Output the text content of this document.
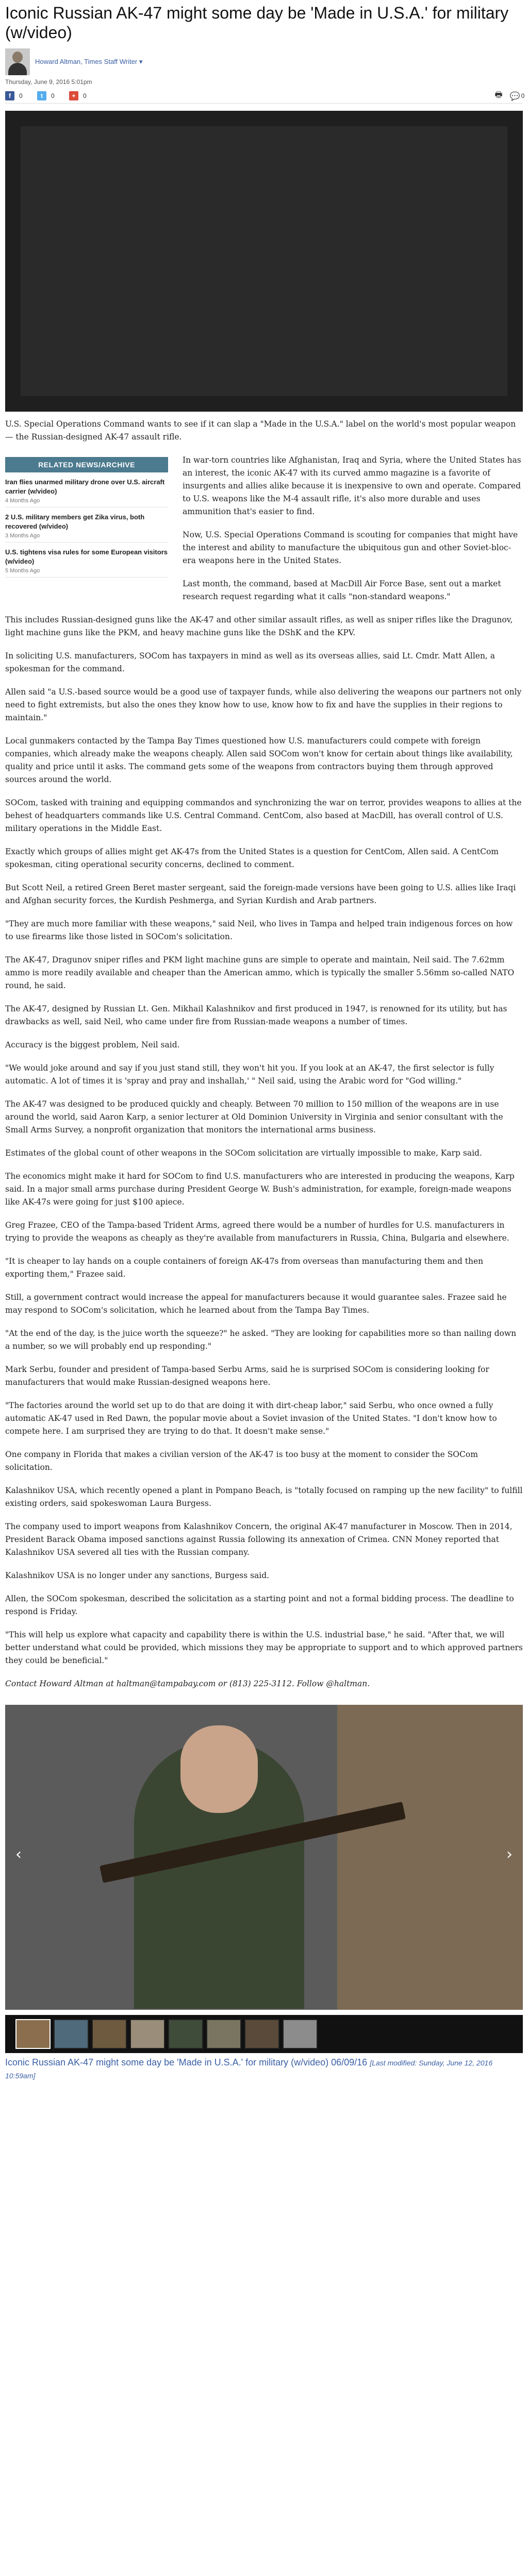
Iconic Russian AK-47 might some day be 'Made in U.S.A.' for military (w/video)
Howard Altman, Times Staff Writer ▾
Thursday, June 9, 2016 5:01pm
f	0	t	0	+	0	🖶 💬 0

U.S. Special Operations Command wants to see if it can slap a "Made in the U.S.A." label on the world's most popular weapon — the Russian-designed AK-47 assault rifle.

RELATED NEWS/ARCHIVE
Iran flies unarmed military drone over U.S. aircraft carrier (w/video)
4 Months Ago
2 U.S. military members get Zika virus, both recovered (w/video)
3 Months Ago
U.S. tightens visa rules for some European visitors (w/video)
5 Months Ago

In war-torn countries like Afghanistan, Iraq and Syria, where the United States has an interest, the iconic AK-47 with its curved ammo magazine is a favorite of insurgents and allies alike because it is inexpensive to own and operate. Compared to U.S. weapons like the M-4 assault rifle, it's also more durable and uses ammunition that's easier to find.

Now, U.S. Special Operations Command is scouting for companies that might have the interest and ability to manufacture the ubiquitous gun and other Soviet-bloc-era weapons here in the United States.

Last month, the command, based at MacDill Air Force Base, sent out a market research request regarding what it calls "non-standard weapons."

This includes Russian-designed guns like the AK-47 and other similar assault rifles, as well as sniper rifles like the Dragunov, light machine guns like the PKM, and heavy machine guns like the DShK and the KPV.

In soliciting U.S. manufacturers, SOCom has taxpayers in mind as well as its overseas allies, said Lt. Cmdr. Matt Allen, a spokesman for the command.

Allen said "a U.S.-based source would be a good use of taxpayer funds, while also delivering the weapons our partners not only need to fight extremists, but also the ones they know how to use, know how to fix and have the supplies in their regions to maintain."

Local gunmakers contacted by the Tampa Bay Times questioned how U.S. manufacturers could compete with foreign companies, which already make the weapons cheaply. Allen said SOCom won't know for certain about things like availability, quality and price until it asks. The command gets some of the weapons from contractors buying them through approved sources around the world.

SOCom, tasked with training and equipping commandos and synchronizing the war on terror, provides weapons to allies at the behest of headquarters commands like U.S. Central Command. CentCom, also based at MacDill, has overall control of U.S. military operations in the Middle East.

Exactly which groups of allies might get AK-47s from the United States is a question for CentCom, Allen said. A CentCom spokesman, citing operational security concerns, declined to comment.

But Scott Neil, a retired Green Beret master sergeant, said the foreign-made versions have been going to U.S. allies like Iraqi and Afghan security forces, the Kurdish Peshmerga, and Syrian Kurdish and Arab partners.

"They are much more familiar with these weapons," said Neil, who lives in Tampa and helped train indigenous forces on how to use firearms like those listed in SOCom's solicitation.

The AK-47, Dragunov sniper rifles and PKM light machine guns are simple to operate and maintain, Neil said. The 7.62mm ammo is more readily available and cheaper than the American ammo, which is typically the smaller 5.56mm so-called NATO round, he said.

The AK-47, designed by Russian Lt. Gen. Mikhail Kalashnikov and first produced in 1947, is renowned for its utility, but has drawbacks as well, said Neil, who came under fire from Russian-made weapons a number of times.

Accuracy is the biggest problem, Neil said.

"We would joke around and say if you just stand still, they won't hit you. If you look at an AK-47, the first selector is fully automatic. A lot of times it is 'spray and pray and inshallah,' " Neil said, using the Arabic word for "God willing."

The AK-47 was designed to be produced quickly and cheaply. Between 70 million to 150 million of the weapons are in use around the world, said Aaron Karp, a senior lecturer at Old Dominion University in Virginia and senior consultant with the Small Arms Survey, a nonprofit organization that monitors the international arms business.

Estimates of the global count of other weapons in the SOCom solicitation are virtually impossible to make, Karp said.

The economics might make it hard for SOCom to find U.S. manufacturers who are interested in producing the weapons, Karp said. In a major small arms purchase during President George W. Bush's administration, for example, foreign-made weapons like AK-47s were going for just $100 apiece.

Greg Frazee, CEO of the Tampa-based Trident Arms, agreed there would be a number of hurdles for U.S. manufacturers in trying to provide the weapons as cheaply as they're available from manufacturers in Russia, China, Bulgaria and elsewhere.

"It is cheaper to lay hands on a couple containers of foreign AK-47s from overseas than manufacturing them and then exporting them," Frazee said.

Still, a government contract would increase the appeal for manufacturers because it would guarantee sales. Frazee said he may respond to SOCom's solicitation, which he learned about from the Tampa Bay Times.

"At the end of the day, is the juice worth the squeeze?" he asked. "They are looking for capabilities more so than nailing down a number, so we will probably end up responding."

Mark Serbu, founder and president of Tampa-based Serbu Arms, said he is surprised SOCom is considering looking for manufacturers that would make Russian-designed weapons here.

"The factories around the world set up to do that are doing it with dirt-cheap labor," said Serbu, who once owned a fully automatic AK-47 used in Red Dawn, the popular movie about a Soviet invasion of the United States. "I don't know how to compete here. I am surprised they are trying to do that. It doesn't make sense."

One company in Florida that makes a civilian version of the AK-47 is too busy at the moment to consider the SOCom solicitation.

Kalashnikov USA, which recently opened a plant in Pompano Beach, is "totally focused on ramping up the new facility" to fulfill existing orders, said spokeswoman Laura Burgess.

The company used to import weapons from Kalashnikov Concern, the original AK-47 manufacturer in Moscow. Then in 2014, President Barack Obama imposed sanctions against Russia following its annexation of Crimea. CNN Money reported that Kalashnikov USA severed all ties with the Russian company.

Kalashnikov USA is no longer under any sanctions, Burgess said.

Allen, the SOCom spokesman, described the solicitation as a starting point and not a formal bidding process. The deadline to respond is Friday.

"This will help us explore what capacity and capability there is within the U.S. industrial base," he said. "After that, we will better understand what could be provided, which missions they may be appropriate to support and to which approved partners they could be beneficial."

Contact Howard Altman at haltman@tampabay.com or (813) 225-3112. Follow @haltman.

‹	›
Iconic Russian AK-47 might some day be 'Made in U.S.A.' for military (w/video) 06/09/16 [Last modified: Sunday, June 12, 2016 10:59am]
